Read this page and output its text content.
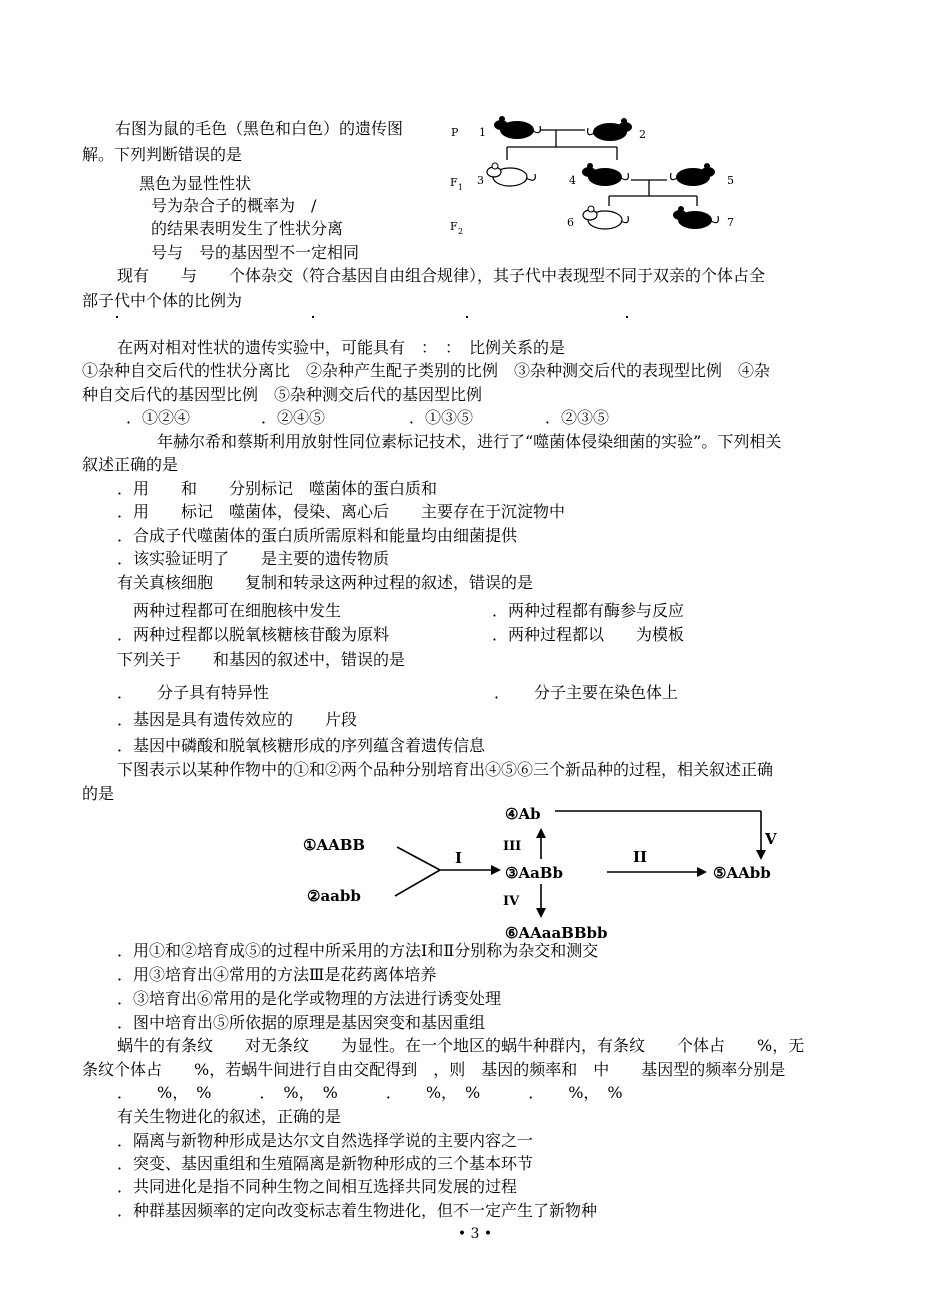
右图为鼠的毛色（黑色和白色）的遗传图
解。下列判断错误的是
黑色为显性性状
号为杂合子的概率为　/
的结果表明发生了性状分离
号与　号的基因型不一定相同
P
F 1
F 2
1	2
3	4	5
6	7
现有　　与　　个体杂交（符合基因自由组合规律），其子代中表现型不同于双亲的个体占全
部子代中个体的比例为
在两对相对性状的遗传实验中，可能具有　：　：　比例关系的是
①杂种自交后代的性状分离比　②杂种产生配子类别的比例　③杂种测交后代的表现型比例　④杂
种自交后代的基因型比例　⑤杂种测交后代的基因型比例
．①②④	．②④⑤	．①③⑤	．②③⑤
年赫尔希和蔡斯利用放射性同位素标记技术，进行了“噬菌体侵染细菌的实验”。下列相关
叙述正确的是
．用　　和　　分别标记　噬菌体的蛋白质和
．用　　标记　噬菌体，侵染、离心后　　主要存在于沉淀物中
．合成子代噬菌体的蛋白质所需原料和能量均由细菌提供
．该实验证明了　　是主要的遗传物质
有关真核细胞　　复制和转录这两种过程的叙述，错误的是
两种过程都可在细胞核中发生	．两种过程都有酶参与反应
．两种过程都以脱氧核糖核苷酸为原料	．两种过程都以　　为模板
下列关于　　和基因的叙述中，错误的是
．　　分子具有特异性	．　　分子主要在染色体上
．基因是具有遗传效应的　　片段
．基因中磷酸和脱氧核糖形成的序列蕴含着遗传信息
下图表示以某种作物中的①和②两个品种分别培育出④⑤⑥三个新品种的过程，相关叙述正确
的是
①AABB
②aabb
③AaBb
④Ab
⑤AAbb
⑥AAaaBBbb
I	II
III
IV
V
．用①和②培育成⑤的过程中所采用的方法Ⅰ和Ⅱ分别称为杂交和测交
．用③培育出④常用的方法Ⅲ是花药离体培养
．③培育出⑥常用的是化学或物理的方法进行诱变处理
．图中培育出⑤所依据的原理是基因突变和基因重组
蜗牛的有条纹　　对无条纹　　为显性。在一个地区的蜗牛种群内，有条纹　　个体占　　%，无
条纹个体占　　%，若蜗牛间进行自由交配得到　，则　基因的频率和　中　　基因型的频率分别是
．　　%，　%　　　．　%，　%　　　．　　%，　%　　　．　　%，　%
有关生物进化的叙述，正确的是
．隔离与新物种形成是达尔文自然选择学说的主要内容之一
．突变、基因重组和生殖隔离是新物种形成的三个基本环节
．共同进化是指不同种生物之间相互选择共同发展的过程
．种群基因频率的定向改变标志着生物进化，但不一定产生了新物种
• 3 •
